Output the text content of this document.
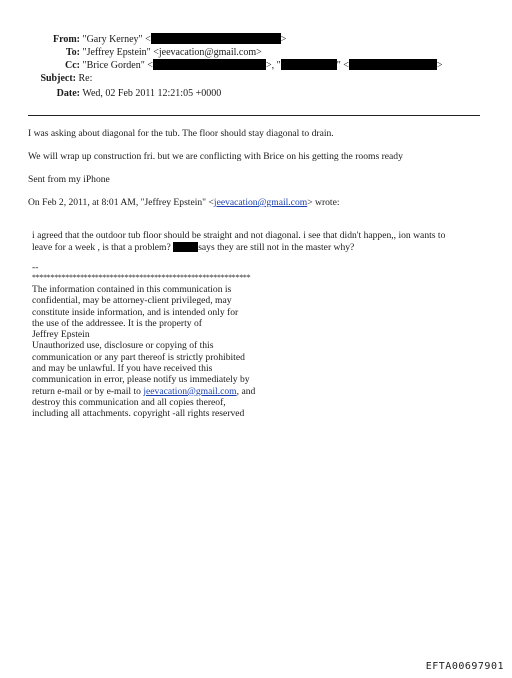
From: "Gary Kerney" <	>
To: "Jeffrey Epstein" <jeevacation@gmail.com>
Cc: "Brice Gorden" <	>, "	" <	>
Subject: Re:
Date: Wed, 02 Feb 2011 12:21:05 +0000
I was asking about diagonal for the tub. The floor should stay diagonal to drain.
We will wrap up construction fri. but we are conflicting with Brice on his getting the rooms ready
Sent from my iPhone
On Feb 2, 2011, at 8:01 AM, "Jeffrey Epstein" <jeevacation@gmail.com> wrote:
i agreed that the outdoor tub floor should be straight and not diagonal. i see that didn't happen,, ion wants to
leave for a week , is that a problem?	says they are still not in the master why?
--
***********************************************************
The information contained in this communication is
confidential, may be attorney-client privileged, may
constitute inside information, and is intended only for
the use of the addressee. It is the property of
Jeffrey Epstein
Unauthorized use, disclosure or copying of this
communication or any part thereof is strictly prohibited
and may be unlawful. If you have received this
communication in error, please notify us immediately by
return e-mail or by e-mail to jeevacation@gmail.com, and
destroy this communication and all copies thereof,
including all attachments. copyright -all rights reserved
EFTA00697901
